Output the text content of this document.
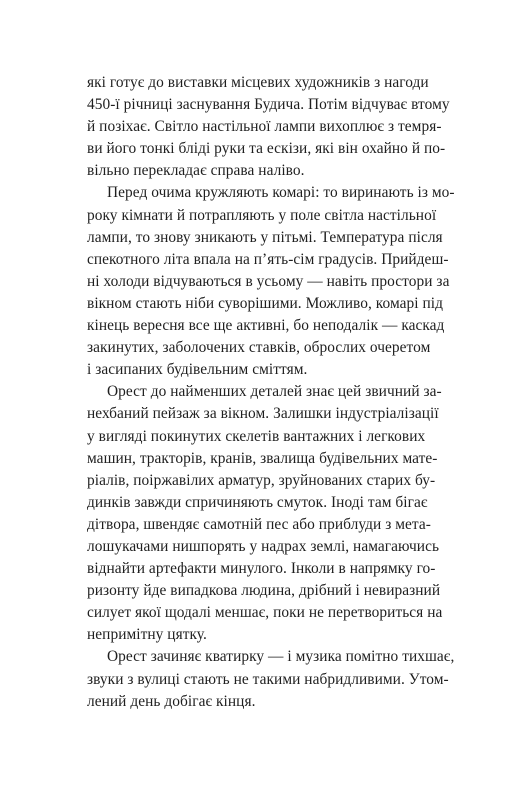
які готує до виставки місцевих художників з нагоди
450-ї річниці заснування Будича. Потім відчуває втому
й позіхає. Світло настільної лампи вихоплює з темря-
ви його тонкі бліді руки та ескізи, які він охайно й по-
вільно перекладає справа наліво.

Перед очима кружляють комарі: то виринають із мо-
року кімнати й потрапляють у поле світла настільної
лампи, то знову зникають у пітьмі. Температура після
спекотного літа впала на п’ять-сім градусів. Прийдеш-
ні холоди відчуваються в усьому — навіть простори за
вікном стають ніби суворішими. Можливо, комарі під
кінець вересня все ще активні, бо неподалік — каскад
закинутих, заболочених ставків, оброслих очеретом
і засипаних будівельним сміттям.

Орест до найменших деталей знає цей звичний за-
нехбаний пейзаж за вікном. Залишки індустріалізації
у вигляді покинутих скелетів вантажних і легкових
машин, тракторів, кранів, звалища будівельних мате-
ріалів, поіржавілих арматур, зруйнованих старих бу-
динків завжди спричиняють смуток. Іноді там бігає
дітвора, швендяє самотній пес або приблуди з мета-
лошукачами нишпорять у надрах землі, намагаючись
віднайти артефакти минулого. Інколи в напрямку го-
ризонту йде випадкова людина, дрібний і невиразний
силует якої щодалі меншає, поки не перетвориться на
непримітну цятку.

Орест зачиняє кватирку — і музика помітно тихшає,
звуки з вулиці стають не такими набридливими. Утом-
лений день добігає кінця.
